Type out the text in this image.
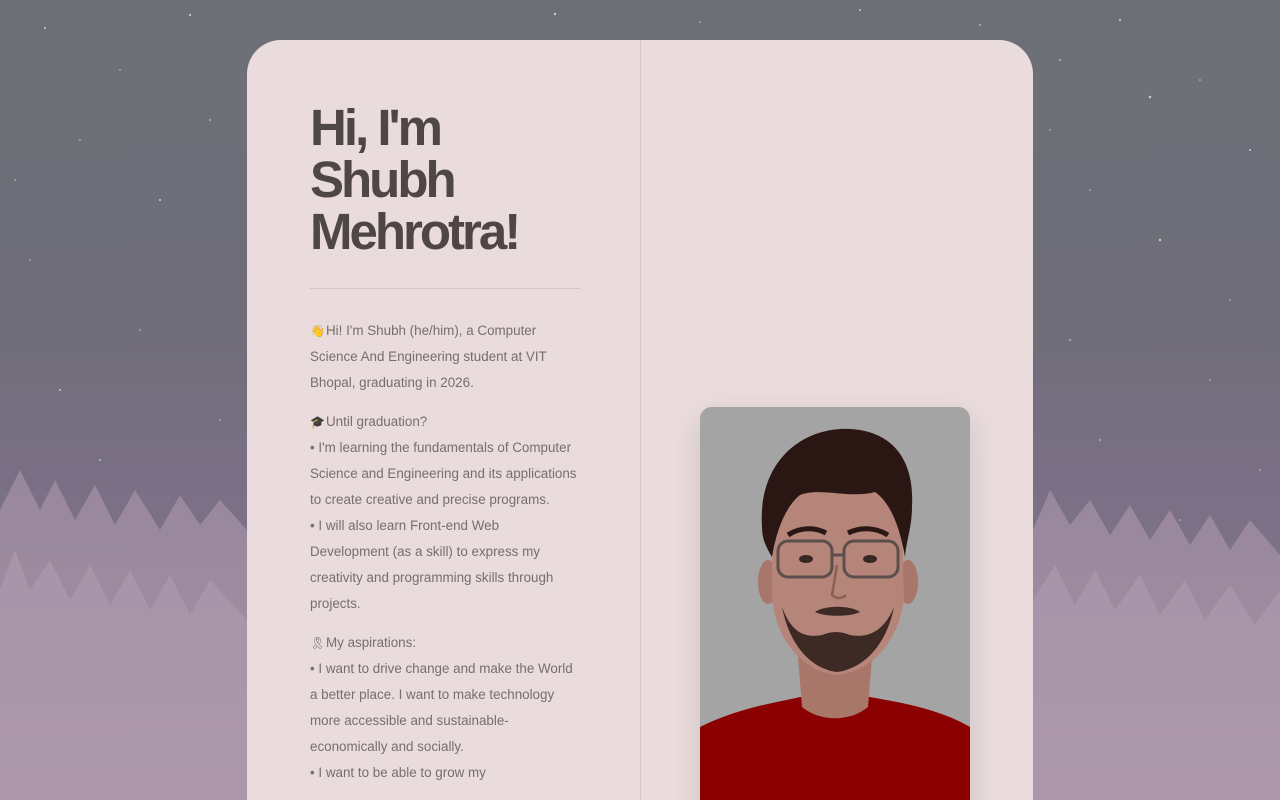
Hi, I'm
Shubh
Mehrotra!

👋Hi! I'm Shubh (he/him), a Computer Science And Engineering student at VIT Bhopal, graduating in 2026.

🎓Until graduation?
• I'm learning the fundamentals of Computer Science and Engineering and its applications to create creative and precise programs.
• I will also learn Front-end Web Development (as a skill) to express my creativity and programming skills through projects.

🎗My aspirations:
• I want to drive change and make the World a better place. I want to make technology more accessible and sustainable- economically and socially.
• I want to be able to grow my
